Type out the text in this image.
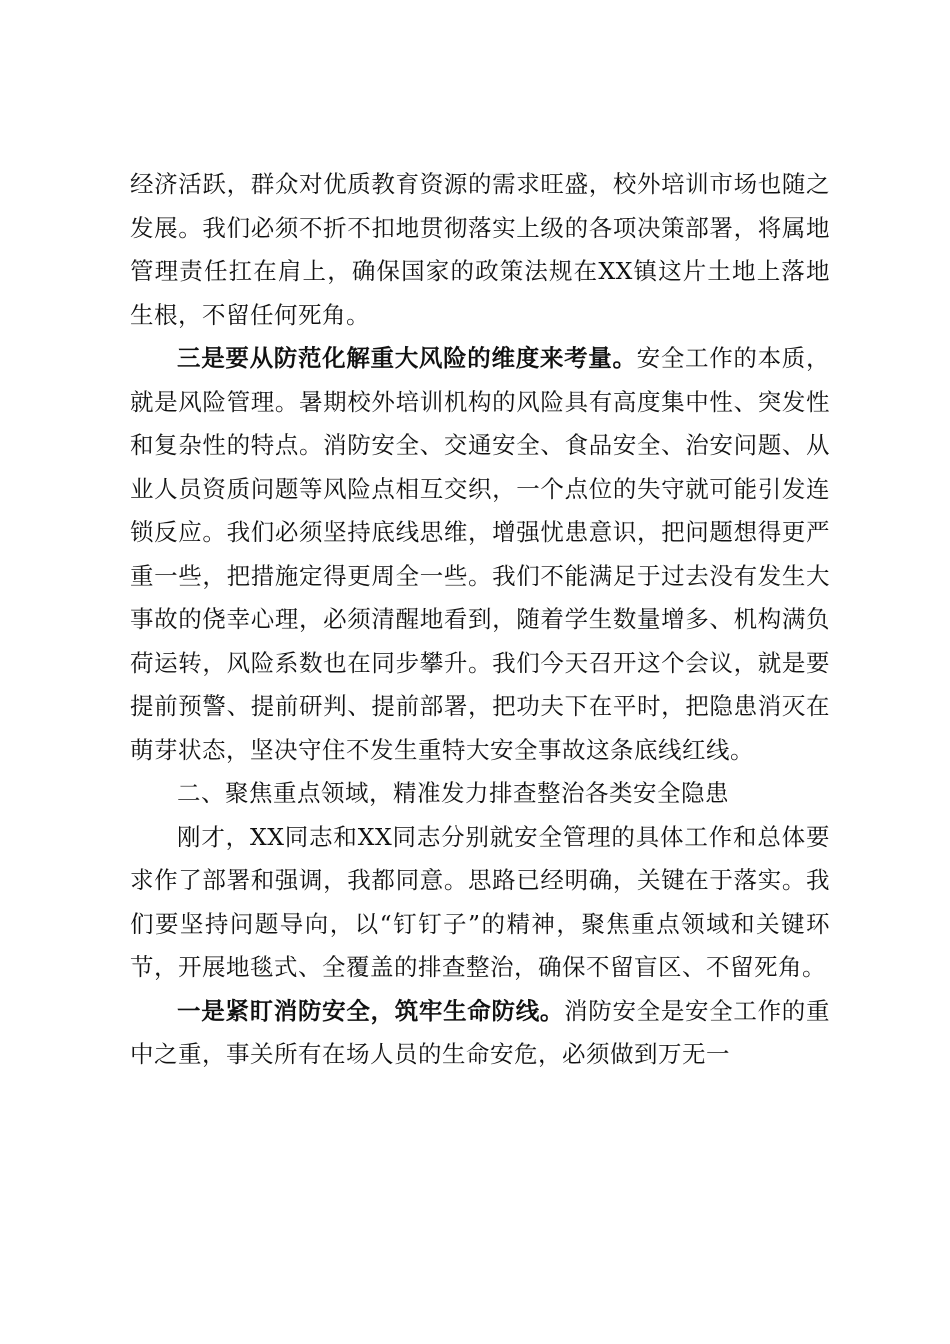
经济活跃，群众对优质教育资源的需求旺盛，校外培训市场也随之发展。我们必须不折不扣地贯彻落实上级的各项决策部署，将属地管理责任扛在肩上，确保国家的政策法规在XX镇这片土地上落地生根，不留任何死角。

三是要从防范化解重大风险的维度来考量。安全工作的本质，就是风险管理。暑期校外培训机构的风险具有高度集中性、突发性和复杂性的特点。消防安全、交通安全、食品安全、治安问题、从业人员资质问题等风险点相互交织，一个点位的失守就可能引发连锁反应。我们必须坚持底线思维，增强忧患意识，把问题想得更严重一些，把措施定得更周全一些。我们不能满足于过去没有发生大事故的侥幸心理，必须清醒地看到，随着学生数量增多、机构满负荷运转，风险系数也在同步攀升。我们今天召开这个会议，就是要提前预警、提前研判、提前部署，把功夫下在平时，把隐患消灭在萌芽状态，坚决守住不发生重特大安全事故这条底线红线。

二、聚焦重点领域，精准发力排查整治各类安全隐患

刚才，XX同志和XX同志分别就安全管理的具体工作和总体要求作了部署和强调，我都同意。思路已经明确，关键在于落实。我们要坚持问题导向，以“钉钉子”的精神，聚焦重点领域和关键环节，开展地毯式、全覆盖的排查整治，确保不留盲区、不留死角。

一是紧盯消防安全，筑牢生命防线。消防安全是安全工作的重中之重，事关所有在场人员的生命安危，必须做到万无一
